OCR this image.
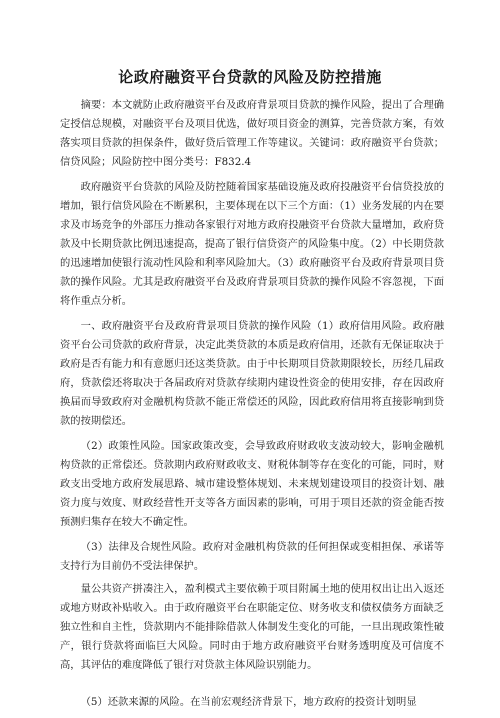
论政府融资平台贷款的风险及防控措施

摘要：本文就防止政府融资平台及政府背景项目贷款的操作风险，提出了合理确定授信总规模，对融资平台及项目优选，做好项目资金的测算，完善贷款方案，有效落实项目贷款的担保条件，做好贷后管理工作等建议。关键词：政府融资平台贷款；信贷风险；风险防控中图分类号：F832.4

政府融资平台贷款的风险及防控随着国家基础设施及政府投融资平台信贷投放的增加，银行信贷风险在不断累积，主要体现在以下三个方面：（1）业务发展的内在要求及市场竞争的外部压力推动各家银行对地方政府投融资平台贷款大量增加，政府贷款及中长期贷款比例迅速提高，提高了银行信贷资产的风险集中度。（2）中长期贷款的迅速增加使银行流动性风险和利率风险加大。（3）政府融资平台及政府背景项目贷款的操作风险。尤其是政府融资平台及政府背景项目贷款的操作风险不容忽视，下面将作重点分析。

一、政府融资平台及政府背景项目贷款的操作风险（1）政府信用风险。政府融资平台公司贷款的政府背景，决定此类贷款的本质是政府信用，还款有无保证取决于政府是否有能力和有意愿归还这类贷款。由于中长期项目贷款期限较长，历经几届政府，贷款偿还将取决于各届政府对贷款存续期内建设性资金的使用安排，存在因政府换届而导致政府对金融机构贷款不能正常偿还的风险，因此政府信用将直接影响到贷款的按期偿还。

（2）政策性风险。国家政策改变，会导致政府财政收支波动较大，影响金融机构贷款的正常偿还。贷款期内政府财政收支、财税体制等存在变化的可能，同时，财政支出受地方政府发展思路、城市建设整体规划、未来规划建设项目的投资计划、融资力度与效度、财政经营性开支等各方面因素的影响，可用于项目还款的资金能否按预测归集存在较大不确定性。

（3）法律及合规性风险。政府对金融机构贷款的任何担保或变相担保、承诺等支持行为目前仍不受法律保护。

量公共资产拼凑注入，盈利模式主要依赖于项目附属土地的使用权出让出入返还或地方财政补贴收入。由于政府融资平台在职能定位、财务收支和债权债务方面缺乏独立性和自主性，贷款期内不能排除借款人体制发生变化的可能，一旦出现政策性破产，银行贷款将面临巨大风险。同时由于地方政府融资平台财务透明度及可信度不高，其评估的难度降低了银行对贷款主体风险识别能力。

（5）还款来源的风险。在当前宏观经济背景下，地方政府的投资计划明显
